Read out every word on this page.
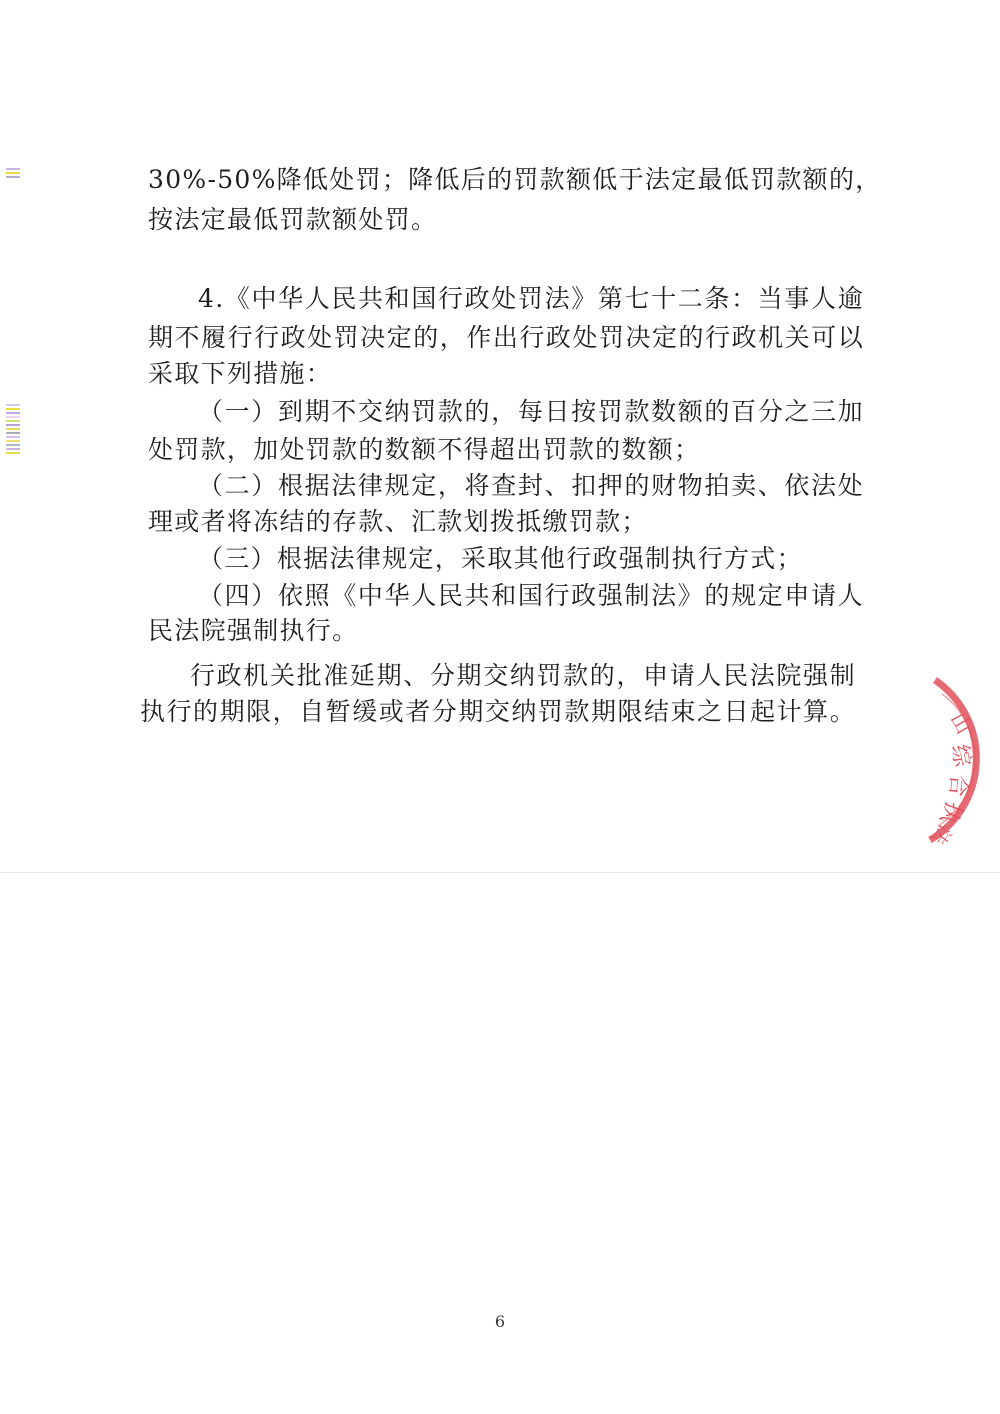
30%-50%降低处罚；降低后的罚款额低于法定最低罚款额的，
按法定最低罚款额处罚。
4.《中华人民共和国行政处罚法》第七十二条：当事人逾
期不履行行政处罚决定的，作出行政处罚决定的行政机关可以
采取下列措施：
（一）到期不交纳罚款的，每日按罚款数额的百分之三加
处罚款，加处罚款的数额不得超出罚款的数额；
（二）根据法律规定，将查封、扣押的财物拍卖、依法处
理或者将冻结的存款、汇款划拨抵缴罚款；
（三）根据法律规定，采取其他行政强制执行方式；
（四）依照《中华人民共和国行政强制法》的规定申请人
民法院强制执行。
行政机关批准延期、分期交纳罚款的，申请人民法院强制
执行的期限，自暂缓或者分期交纳罚款期限结束之日起计算。	山
综
合
执
法
6
